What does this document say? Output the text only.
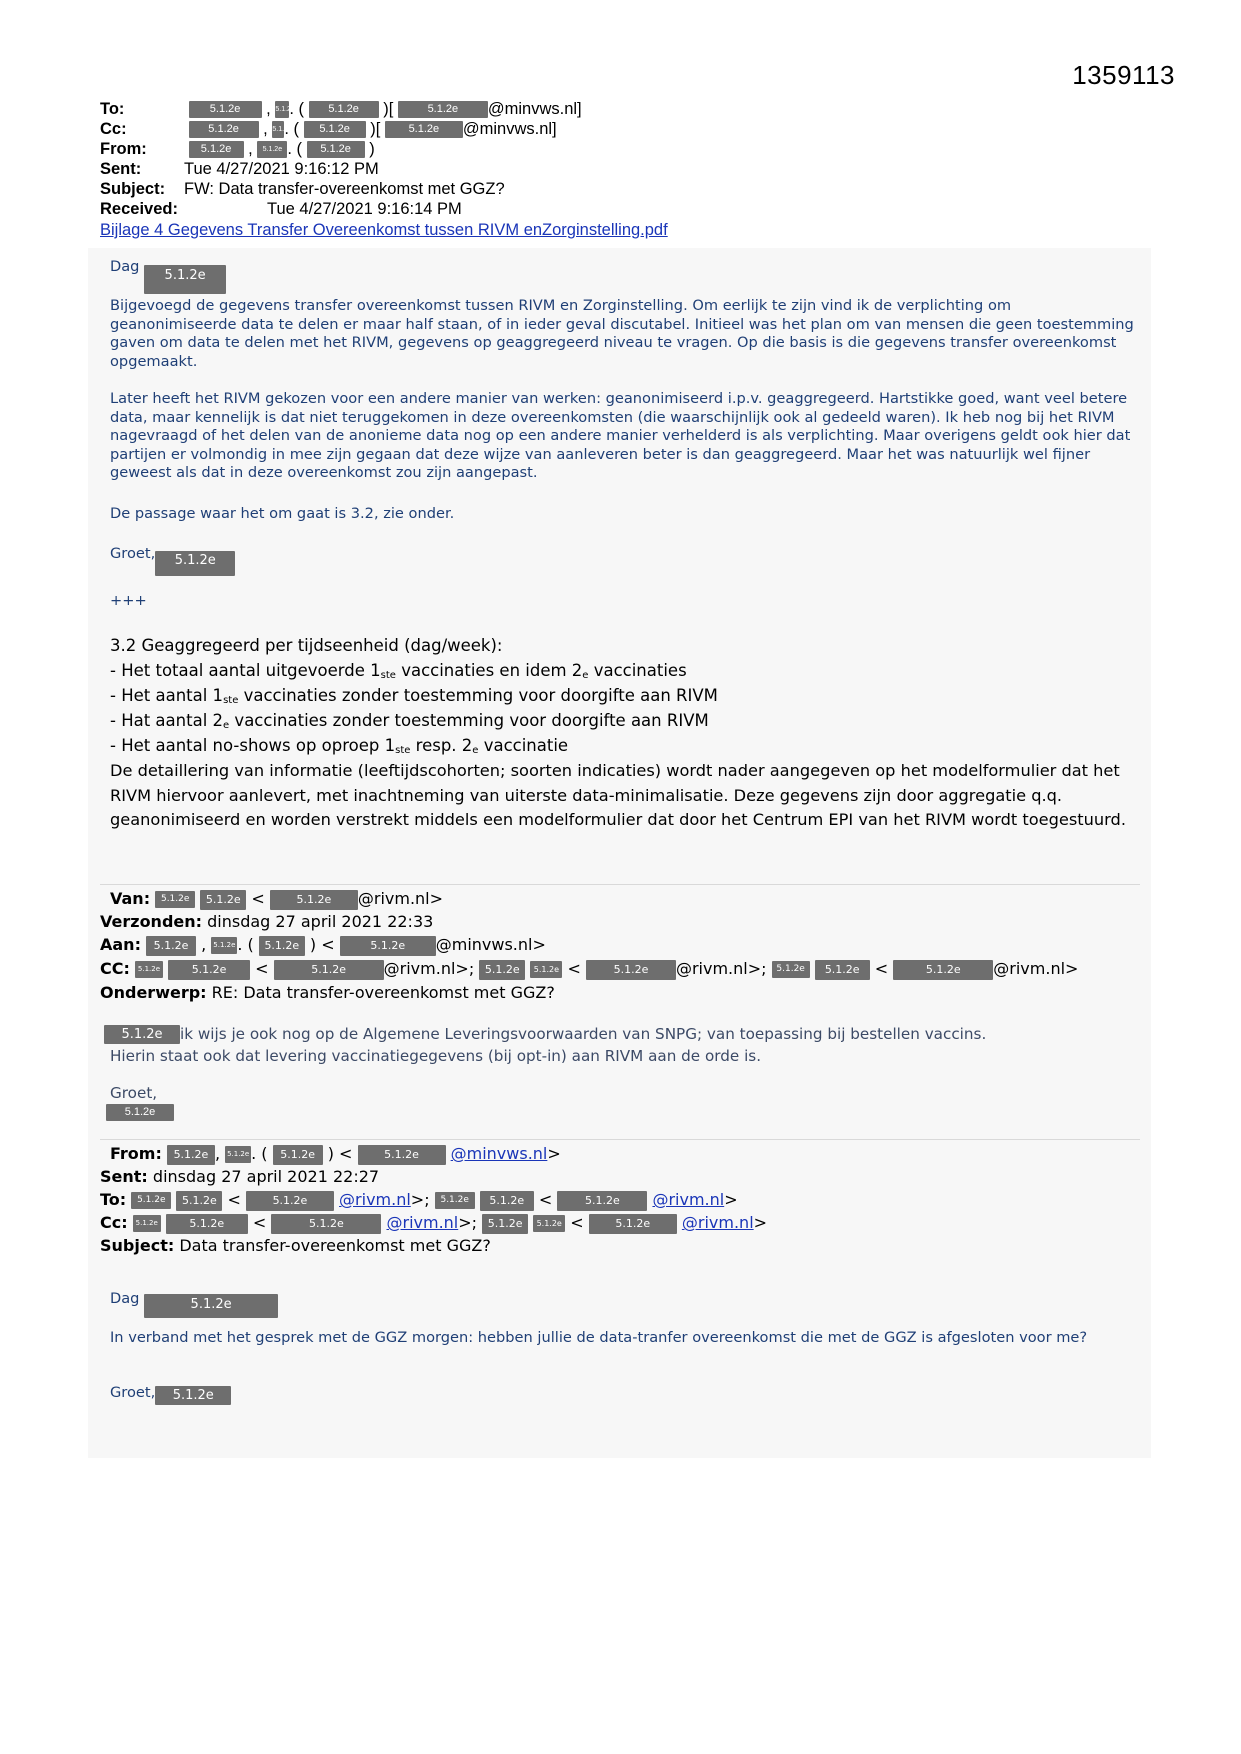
1359113
To:	5.1.2e , 5.1.2. ( 5.1.2e )[	5.1.2e @minvws.nl]
Cc:	5.1.2e , 5.1.2. ( 5.1.2e )[ 5.1.2e @minvws.nl]
From:	5.1.2e , 5.1.2e . ( 5.1.2e )
Sent:	Tue 4/27/2021 9:16:12 PM
Subject: FW: Data transfer-overeenkomst met GGZ?
Received:	Tue 4/27/2021 9:16:14 PM
Bijlage 4 Gegevens Transfer Overeenkomst tussen RIVM enZorginstelling.pdf
Dag 5.1.2e
Bijgevoegd de gegevens transfer overeenkomst tussen RIVM en Zorginstelling. Om eerlijk te zijn vind ik de verplichting om geanonimiseerde data te delen er maar half staan, of in ieder geval discutabel. Initieel was het plan om van mensen die geen toestemming gaven om data te delen met het RIVM, gegevens op geaggregeerd niveau te vragen. Op die basis is die gegevens transfer overeenkomst opgemaakt.
Later heeft het RIVM gekozen voor een andere manier van werken: geanonimiseerd i.p.v. geaggregeerd. Hartstikke goed, want veel betere data, maar kennelijk is dat niet teruggekomen in deze overeenkomsten (die waarschijnlijk ook al gedeeld waren). Ik heb nog bij het RIVM nagevraagd of het delen van de anonieme data nog op een andere manier verhelderd is als verplichting. Maar overigens geldt ook hier dat partijen er volmondig in mee zijn gegaan dat deze wijze van aanleveren beter is dan geaggregeerd. Maar het was natuurlijk wel fijner geweest als dat in deze overeenkomst zou zijn aangepast.
De passage waar het om gaat is 3.2, zie onder.
Groet, 5.1.2e
+++
3.2 Geaggregeerd per tijdseenheid (dag/week):
- Het totaal aantal uitgevoerde $1_{ste}$ vaccinaties en idem $2_e$ vaccinaties
- Het aantal $1_{ste}$ vaccinaties zonder toestemming voor doorgifte aan RIVM
- Hat aantal $2_e$ vaccinaties zonder toestemming voor doorgifte aan RIVM
- Het aantal no-shows op oproep $1_{ste}$ resp. $2_e$ vaccinatie
De detaillering van informatie (leeftijdscohorten; soorten indicaties) wordt nader aangegeven op het modelformulier dat het RIVM hiervoor aanlevert, met inachtneming van uiterste data-minimalisatie. Deze gegevens zijn door aggregatie q.q. geanonimiseerd en worden verstrekt middels een modelformulier dat door het Centrum EPI van het RIVM wordt toegestuurd.
Van: 5.1.2e 5.1.2e < 5.1.2e @rivm.nl>
Verzonden: dinsdag 27 april 2021 22:33
Aan: 5.1.2e , 5.1.2e . ( 5.1.2e ) <	5.1.2e @minvws.nl>
CC: 5.1.2e	5.1.2e <	5.1.2e @rivm.nl>; 5.1.2e 5.1.2e <	5.1.2e @rivm.nl>; 5.1.2e 5.1.2e <	5.1.2e @rivm.nl>
Onderwerp: RE: Data transfer-overeenkomst met GGZ?
5.1.2e ik wijs je ook nog op de Algemene Leveringsvoorwaarden van SNPG; van toepassing bij bestellen vaccins.
Hierin staat ook dat levering vaccinatiegegevens (bij opt-in) aan RIVM aan de orde is.
Groet,
5.1.2e
From: 5.1.2e , 5.1.2e . ( 5.1.2e ) < 5.1.2e @minvws.nl>
Sent: dinsdag 27 april 2021 22:27
To: 5.1.2e 5.1.2e < 5.1.2e @rivm.nl>; 5.1.2e 5.1.2e <	5.1.2e @rivm.nl>
Cc: 5.1.2e	5.1.2e <	5.1.2e	@rivm.nl>; 5.1.2e 5.1.2e < 5.1.2e @rivm.nl>
Subject: Data transfer-overeenkomst met GGZ?
Dag	5.1.2e
In verband met het gesprek met de GGZ morgen: hebben jullie de data-tranfer overeenkomst die met de GGZ is afgesloten voor me?
Groet, 5.1.2e
